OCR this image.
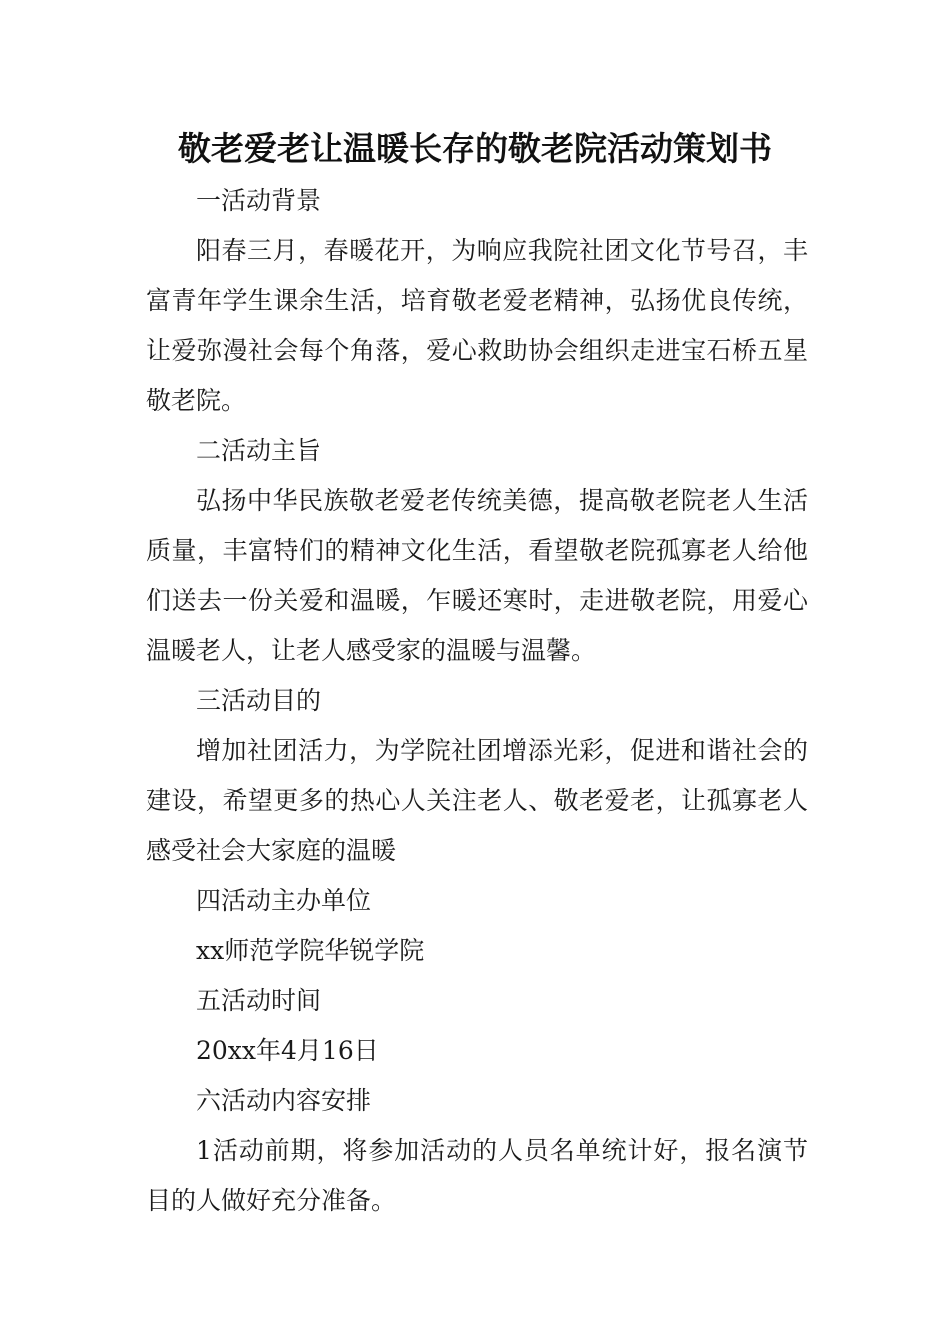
敬老爱老让温暖长存的敬老院活动策划书

一活动背景

阳春三月，春暖花开，为响应我院社团文化节号召，丰富青年学生课余生活，培育敬老爱老精神，弘扬优良传统，让爱弥漫社会每个角落，爱心救助协会组织走进宝石桥五星敬老院。

二活动主旨

弘扬中华民族敬老爱老传统美德，提高敬老院老人生活质量，丰富特们的精神文化生活，看望敬老院孤寡老人给他们送去一份关爱和温暖，乍暖还寒时，走进敬老院，用爱心温暖老人，让老人感受家的温暖与温馨。

三活动目的

增加社团活力，为学院社团增添光彩，促进和谐社会的建设，希望更多的热心人关注老人、敬老爱老，让孤寡老人感受社会大家庭的温暖

四活动主办单位

xx师范学院华锐学院

五活动时间

20xx年4月16日

六活动内容安排

1活动前期，将参加活动的人员名单统计好，报名演节目的人做好充分准备。
